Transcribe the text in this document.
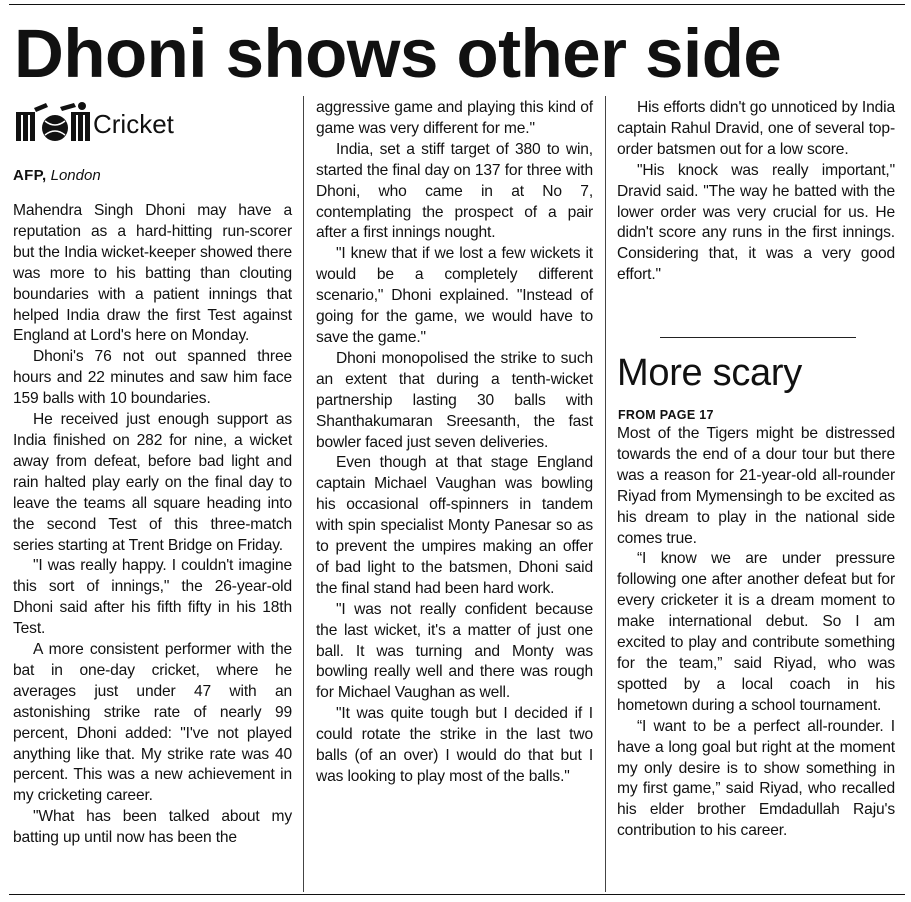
Dhoni shows other side
Cricket
AFP, London

Mahendra Singh Dhoni may have a reputation as a hard-hitting run-scorer but the India wicket-keeper showed there was more to his batting than clouting boundaries with a patient innings that helped India draw the first Test against England at Lord's here on Monday.

Dhoni's 76 not out spanned three hours and 22 minutes and saw him face 159 balls with 10 boundaries.

He received just enough support as India finished on 282 for nine, a wicket away from defeat, before bad light and rain halted play early on the final day to leave the teams all square heading into the second Test of this three-match series starting at Trent Bridge on Friday.

"I was really happy. I couldn't imagine this sort of innings," the 26-year-old Dhoni said after his fifth fifty in his 18th Test.

A more consistent performer with the bat in one-day cricket, where he averages just under 47 with an astonishing strike rate of nearly 99 percent, Dhoni added: "I've not played anything like that. My strike rate was 40 percent. This was a new achievement in my cricketing career.

"What has been talked about my batting up until now has been the

aggressive game and playing this kind of game was very different for me."

India, set a stiff target of 380 to win, started the final day on 137 for three with Dhoni, who came in at No 7, contemplating the prospect of a pair after a first innings nought.

"I knew that if we lost a few wickets it would be a completely different scenario," Dhoni explained. "Instead of going for the game, we would have to save the game."

Dhoni monopolised the strike to such an extent that during a tenth-wicket partnership lasting 30 balls with Shanthakumaran Sreesanth, the fast bowler faced just seven deliveries.

Even though at that stage England captain Michael Vaughan was bowling his occasional off-spinners in tandem with spin specialist Monty Panesar so as to prevent the umpires making an offer of bad light to the batsmen, Dhoni said the final stand had been hard work.

"I was not really confident because the last wicket, it's a matter of just one ball. It was turning and Monty was bowling really well and there was rough for Michael Vaughan as well.

"It was quite tough but I decided if I could rotate the strike in the last two balls (of an over) I would do that but I was looking to play most of the balls."

His efforts didn't go unnoticed by India captain Rahul Dravid, one of several top-order batsmen out for a low score.

"His knock was really important," Dravid said. "The way he batted with the lower order was very crucial for us. He didn't score any runs in the first innings. Considering that, it was a very good effort."

More scary
FROM PAGE 17

Most of the Tigers might be distressed towards the end of a dour tour but there was a reason for 21-year-old all-rounder Riyad from Mymensingh to be excited as his dream to play in the national side comes true.

“I know we are under pressure following one after another defeat but for every cricketer it is a dream moment to make international debut. So I am excited to play and contribute something for the team,” said Riyad, who was spotted by a local coach in his hometown during a school tournament.

“I want to be a perfect all-rounder. I have a long goal but right at the moment my only desire is to show something in my first game,” said Riyad, who recalled his elder brother Emdadullah Raju's contribution to his career.
